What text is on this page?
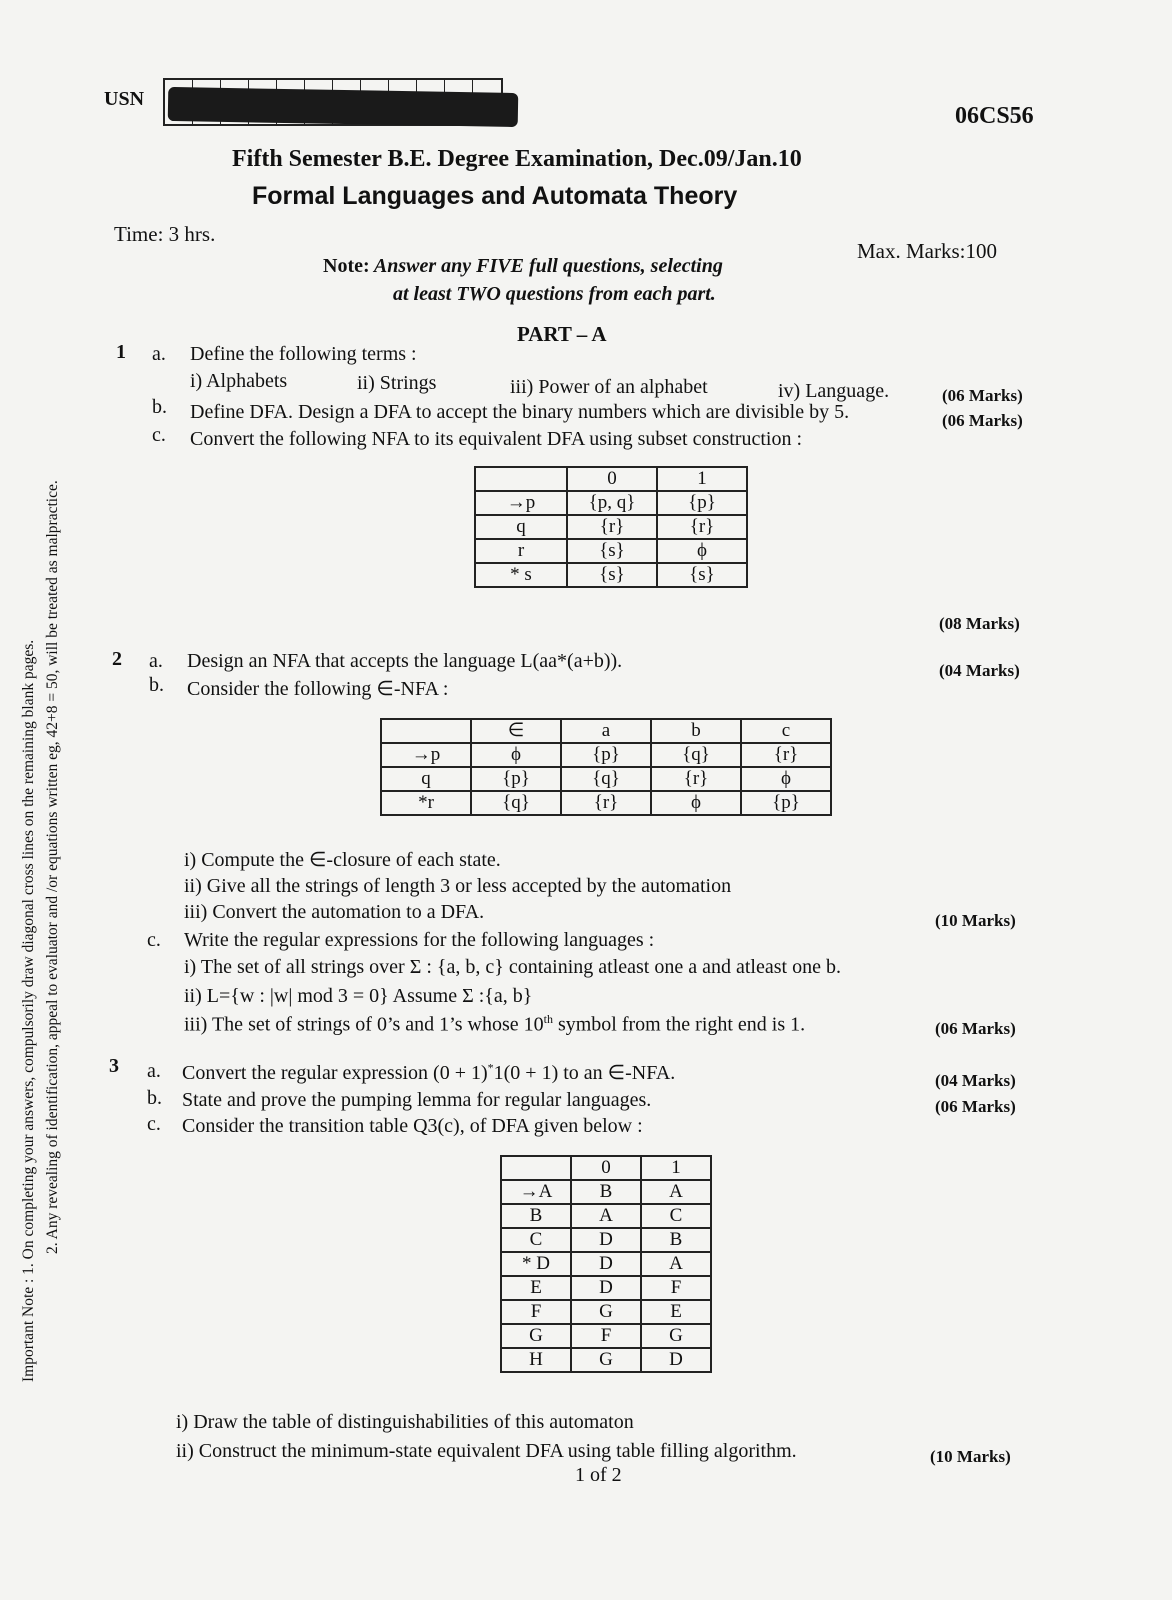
USN
06CS56
Fifth Semester B.E. Degree Examination, Dec.09/Jan.10
Formal Languages and Automata Theory
Time: 3 hrs.
Max. Marks:100
Note: Answer any FIVE full questions, selecting
at least TWO questions from each part.
PART – A
Important Note : 1. On completing your answers, compulsorily draw diagonal cross lines on the remaining blank pages. 2. Any revealing of identification, appeal to evaluator and /or equations written eg, 42+8 = 50, will be treated as malpractice.
1 a. Define the following terms :
i) Alphabets	ii) Strings	iii) Power of an alphabet	iv) Language.	(06 Marks)
b. Define DFA. Design a DFA to accept the binary numbers which are divisible by 5.	(06 Marks)
c. Convert the following NFA to its equivalent DFA using subset construction :
	0	1
→p	{p, q}	{p}
q	{r}	{r}
r	{s}	ϕ
* s	{s}	{s}
(08 Marks)
2 a. Design an NFA that accepts the language L(aa*(a+b)).	(04 Marks)
b. Consider the following ∈-NFA :
	∈	a	b	c
→p	ϕ	{p}	{q}	{r}
q	{p}	{q}	{r}	ϕ
*r	{q}	{r}	ϕ	{p}
i) Compute the ∈-closure of each state.
ii) Give all the strings of length 3 or less accepted by the automation
iii) Convert the automation to a DFA.	(10 Marks)
c. Write the regular expressions for the following languages :
i) The set of all strings over Σ : {a, b, c} containing atleast one a and atleast one b.
ii) L={w : |w| mod 3 = 0} Assume Σ :{a, b}
iii) The set of strings of 0’s and 1’s whose 10th symbol from the right end is 1.	(06 Marks)
3 a. Convert the regular expression (0 + 1)*1(0 + 1) to an ∈-NFA.	(04 Marks)
b. State and prove the pumping lemma for regular languages.	(06 Marks)
c. Consider the transition table Q3(c), of DFA given below :
	0	1
→A	B	A
B	A	C
C	D	B
* D	D	A
E	D	F
F	G	E
G	F	G
H	G	D
i) Draw the table of distinguishabilities of this automaton
ii) Construct the minimum-state equivalent DFA using table filling algorithm.	(10 Marks)
1 of 2
